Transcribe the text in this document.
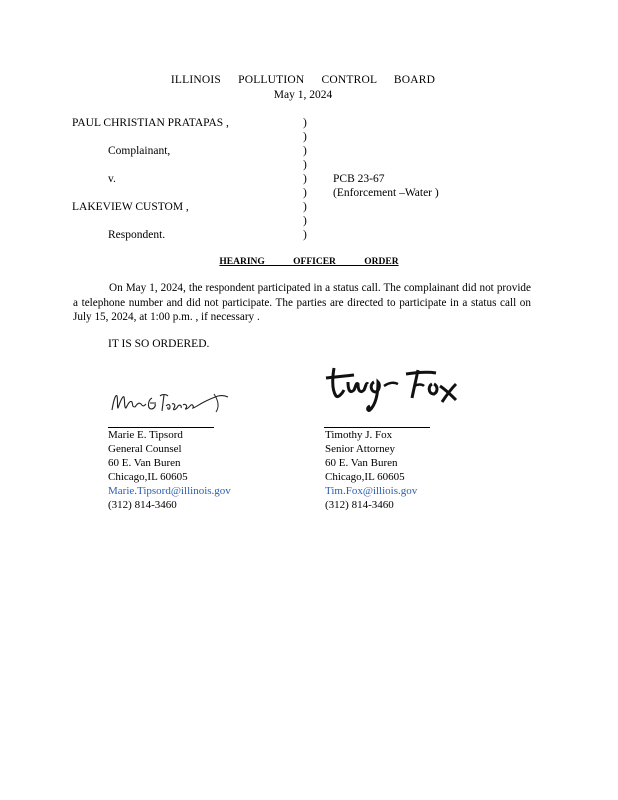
ILLINOIS POLLUTION CONTROL BOARD
May 1, 2024
PAUL CHRISTIAN PRATAPAS ,
Complainant,
v.
LAKEVIEW CUSTOM ,
Respondent.
)
)
)
)
)
)
)
)
)
PCB 23-67
(Enforcement –Water )
HEARING OFFICER ORDER
On May 1, 2024, the respondent participated in a status call. The complainant did not provide a telephone number and did not participate. The parties are directed to participate in a status call on July 15, 2024, at 1:00 p.m. , if necessary .
IT IS SO ORDERED.
Marie E. Tipsord
General Counsel
60 E. Van Buren
Chicago,IL 60605
Marie.Tipsord@illinois.gov
(312) 814-3460
Timothy J. Fox
Senior Attorney
60 E. Van Buren
Chicago,IL 60605
Tim.Fox@illiois.gov
(312) 814-3460
